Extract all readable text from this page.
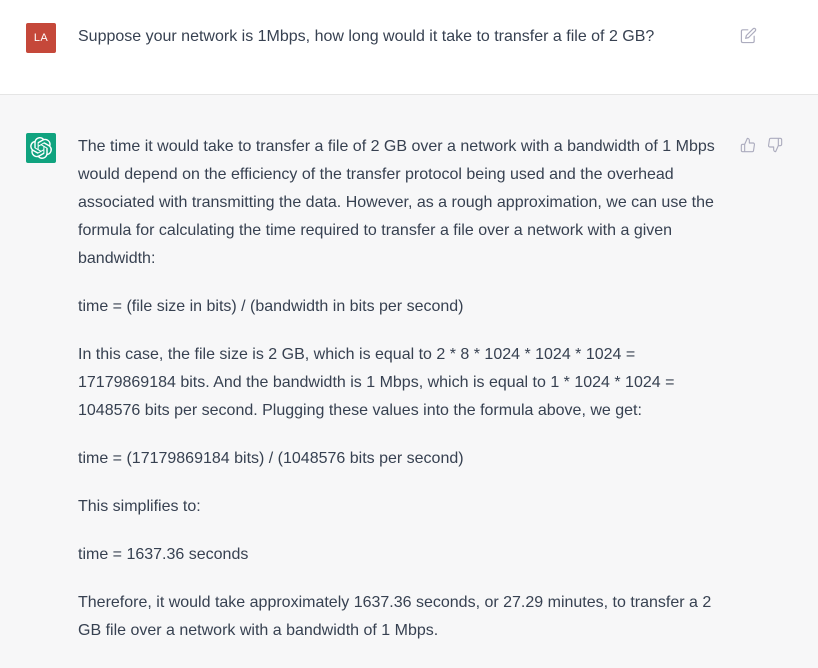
LA	Suppose your network is 1Mbps, how long would it take to transfer a file of 2 GB?

The time it would take to transfer a file of 2 GB over a network with a bandwidth of 1 Mbps would depend on the efficiency of the transfer protocol being used and the overhead associated with transmitting the data. However, as a rough approximation, we can use the formula for calculating the time required to transfer a file over a network with a given bandwidth:

time = (file size in bits) / (bandwidth in bits per second)

In this case, the file size is 2 GB, which is equal to 2 * 8 * 1024 * 1024 * 1024 = 17179869184 bits. And the bandwidth is 1 Mbps, which is equal to 1 * 1024 * 1024 = 1048576 bits per second. Plugging these values into the formula above, we get:

time = (17179869184 bits) / (1048576 bits per second)

This simplifies to:

time = 1637.36 seconds

Therefore, it would take approximately 1637.36 seconds, or 27.29 minutes, to transfer a 2 GB file over a network with a bandwidth of 1 Mbps.
